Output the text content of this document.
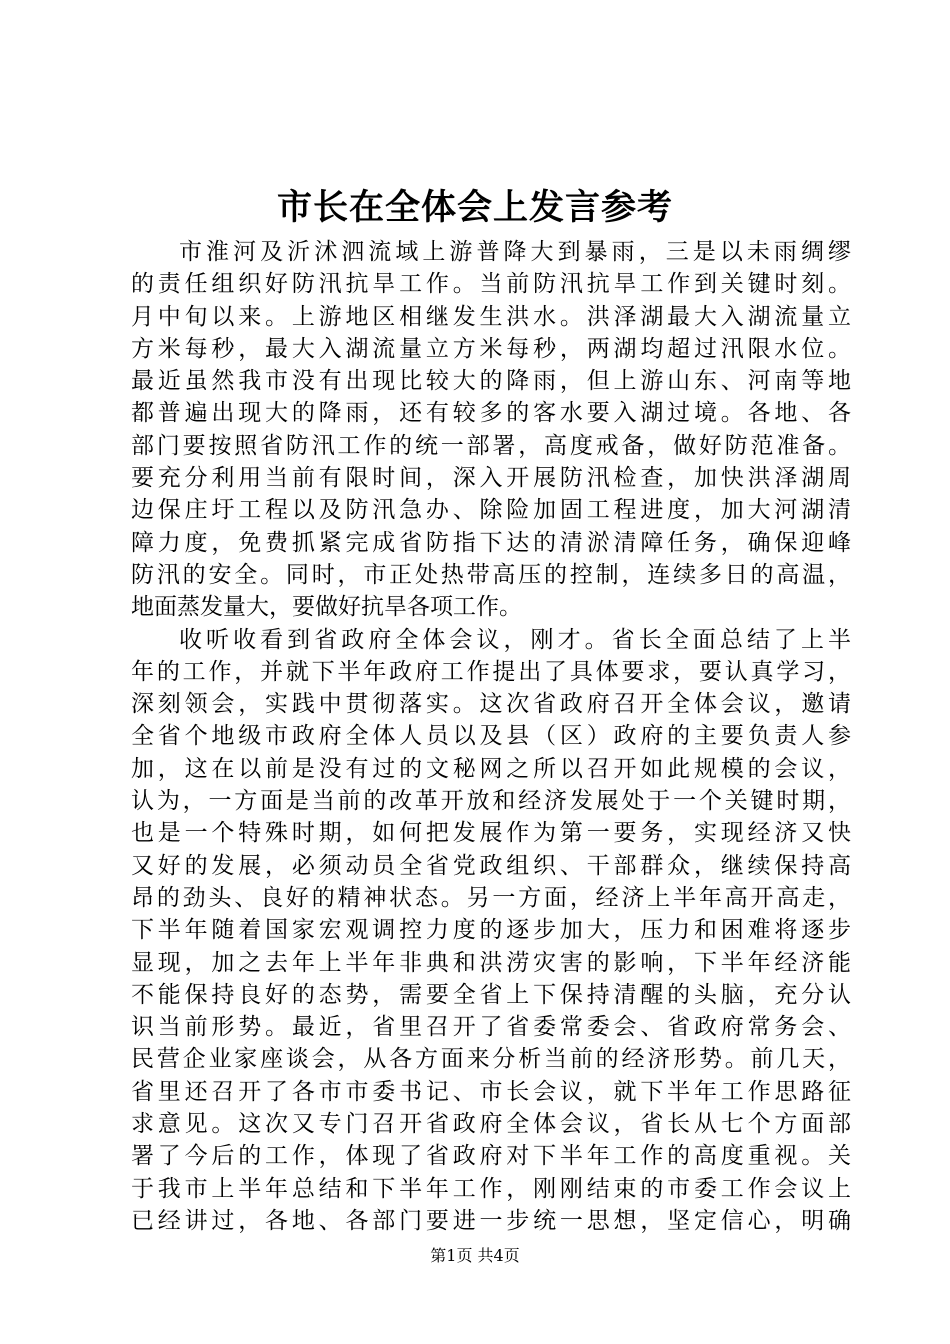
市长在全体会上发言参考
市淮河及沂沭泗流域上游普降大到暴雨，三是以未雨绸缪
的责任组织好防汛抗旱工作。当前防汛抗旱工作到关键时刻。
月中旬以来。上游地区相继发生洪水。洪泽湖最大入湖流量立
方米每秒，最大入湖流量立方米每秒，两湖均超过汛限水位。
最近虽然我市没有出现比较大的降雨，但上游山东、河南等地
都普遍出现大的降雨，还有较多的客水要入湖过境。各地、各
部门要按照省防汛工作的统一部署，高度戒备，做好防范准备。
要充分利用当前有限时间，深入开展防汛检查，加快洪泽湖周
边保庄圩工程以及防汛急办、除险加固工程进度，加大河湖清
障力度，免费抓紧完成省防指下达的清淤清障任务，确保迎峰
防汛的安全。同时，市正处热带高压的控制，连续多日的高温，
地面蒸发量大，要做好抗旱各项工作。
收听收看到省政府全体会议，刚才。省长全面总结了上半
年的工作，并就下半年政府工作提出了具体要求，要认真学习，
深刻领会，实践中贯彻落实。这次省政府召开全体会议，邀请
全省个地级市政府全体人员以及县（区）政府的主要负责人参
加，这在以前是没有过的文秘网之所以召开如此规模的会议，
认为，一方面是当前的改革开放和经济发展处于一个关键时期，
也是一个特殊时期，如何把发展作为第一要务，实现经济又快
又好的发展，必须动员全省党政组织、干部群众，继续保持高
昂的劲头、良好的精神状态。另一方面，经济上半年高开高走，
下半年随着国家宏观调控力度的逐步加大，压力和困难将逐步
显现，加之去年上半年非典和洪涝灾害的影响，下半年经济能
不能保持良好的态势，需要全省上下保持清醒的头脑，充分认
识当前形势。最近，省里召开了省委常委会、省政府常务会、
民营企业家座谈会，从各方面来分析当前的经济形势。前几天，
省里还召开了各市市委书记、市长会议，就下半年工作思路征
求意见。这次又专门召开省政府全体会议，省长从七个方面部
署了今后的工作，体现了省政府对下半年工作的高度重视。关
于我市上半年总结和下半年工作，刚刚结束的市委工作会议上
已经讲过，各地、各部门要进一步统一思想，坚定信心，明确
第1页 共4页
